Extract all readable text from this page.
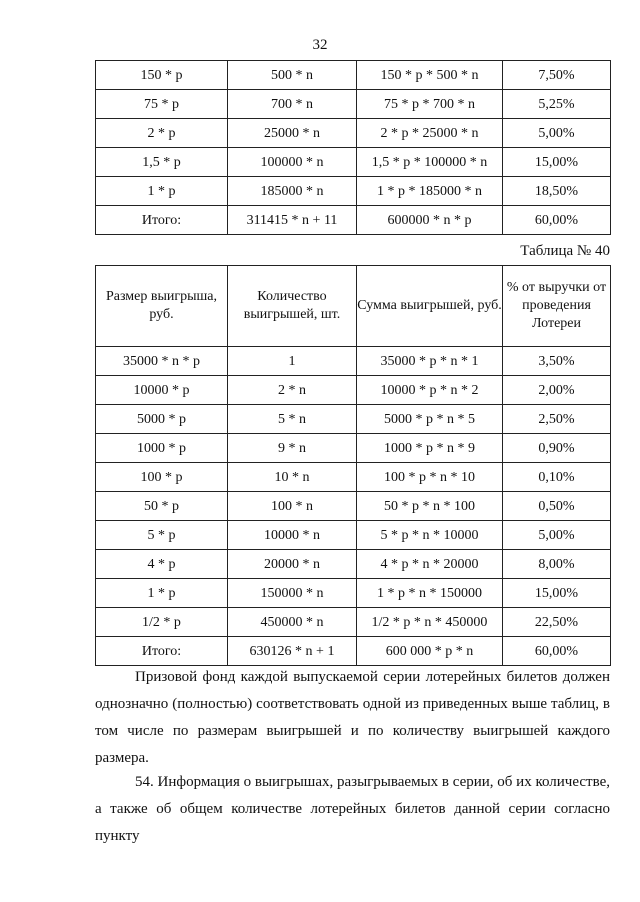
32
150 * p	500 * n	150 * p * 500 * n	7,50%
75 * p	700 * n	75 * p * 700 * n	5,25%
2 * p	25000 * n	2 * p * 25000 * n	5,00%
1,5 * p	100000 * n	1,5 * p * 100000 * n	15,00%
1 * p	185000 * n	1 * p * 185000 * n	18,50%
Итого:	311415 * n + 11	600000 * n * p	60,00%
Таблица № 40
Размер выигрыша, руб.	Количество выигрышей, шт.	Сумма выигрышей, руб.	% от выручки от проведения Лотереи
35000 * n * p	1	35000 * p * n * 1	3,50%
10000 * p	2 * n	10000 * p * n * 2	2,00%
5000 * p	5 * n	5000 * p * n * 5	2,50%
1000 * p	9 * n	1000 * p * n * 9	0,90%
100 * p	10 * n	100 * p * n * 10	0,10%
50 * p	100 * n	50 * p * n * 100	0,50%
5 * p	10000 * n	5 * p * n * 10000	5,00%
4 * p	20000 * n	4 * p * n * 20000	8,00%
1 * p	150000 * n	1 * p * n * 150000	15,00%
1/2 * p	450000 * n	1/2 * p * n * 450000	22,50%
Итого:	630126 * n + 1	600 000 * p * n	60,00%

Призовой фонд каждой выпускаемой серии лотерейных билетов должен однозначно (полностью) соответствовать одной из приведенных выше таблиц, в том числе по размерам выигрышей и по количеству выигрышей каждого размера.

54. Информация о выигрышах, разыгрываемых в серии, об их количестве, а также об общем количестве лотерейных билетов данной серии согласно пункту
